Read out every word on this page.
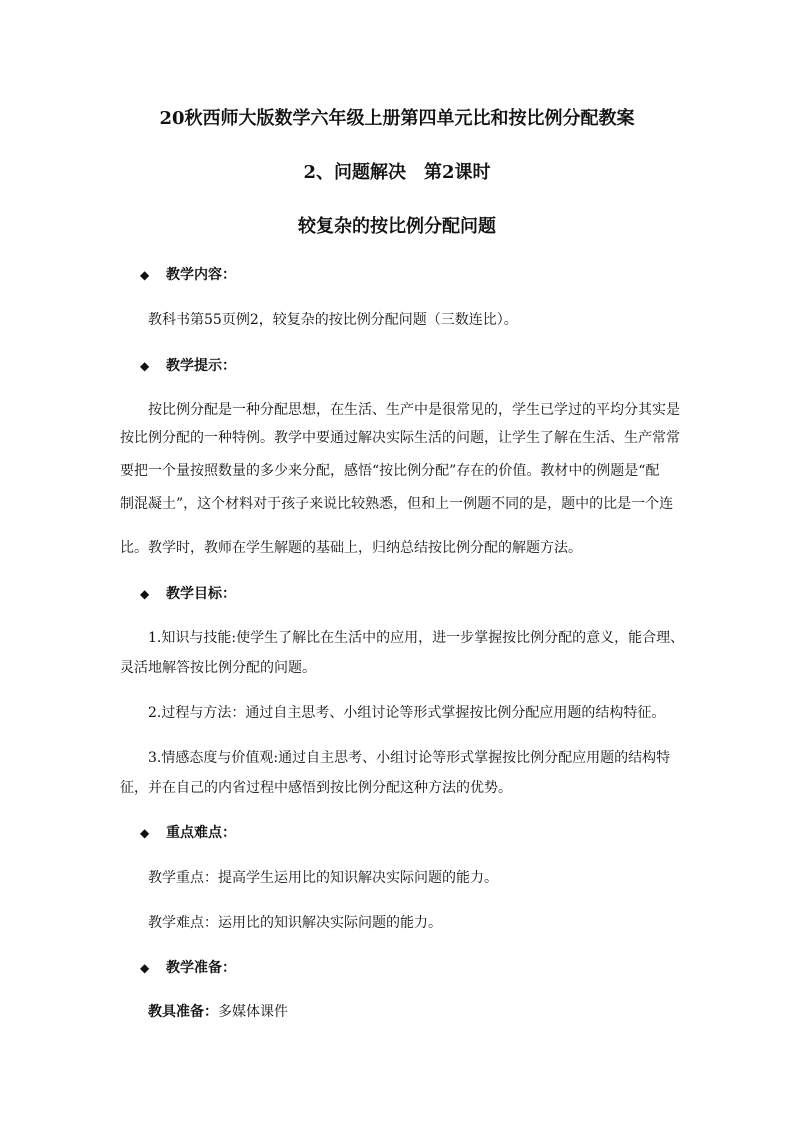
20秋西师大版数学六年级上册第四单元比和按比例分配教案
2、问题解决　第2课时
较复杂的按比例分配问题
◆	教学内容：
教科书第55页例2，较复杂的按比例分配问题（三数连比）。
◆	教学提示：
按比例分配是一种分配思想，在生活、生产中是很常见的，学生已学过的平均分其实是
按比例分配的一种特例。教学中要通过解决实际生活的问题，让学生了解在生活、生产常常
要把一个量按照数量的多少来分配，感悟“按比例分配”存在的价值。教材中的例题是“配
制混凝土”，这个材料对于孩子来说比较熟悉，但和上一例题不同的是，题中的比是一个连
比。教学时，教师在学生解题的基础上，归纳总结按比例分配的解题方法。
◆	教学目标：
1.知识与技能:使学生了解比在生活中的应用，进一步掌握按比例分配的意义，能合理、
灵活地解答按比例分配的问题。
2.过程与方法：通过自主思考、小组讨论等形式掌握按比例分配应用题的结构特征。
3.情感态度与价值观:通过自主思考、小组讨论等形式掌握按比例分配应用题的结构特
征，并在自己的内省过程中感悟到按比例分配这种方法的优势。
◆	重点难点：
教学重点：提高学生运用比的知识解决实际问题的能力。
教学难点：运用比的知识解决实际问题的能力。
◆	教学准备：
教具准备：多媒体课件
